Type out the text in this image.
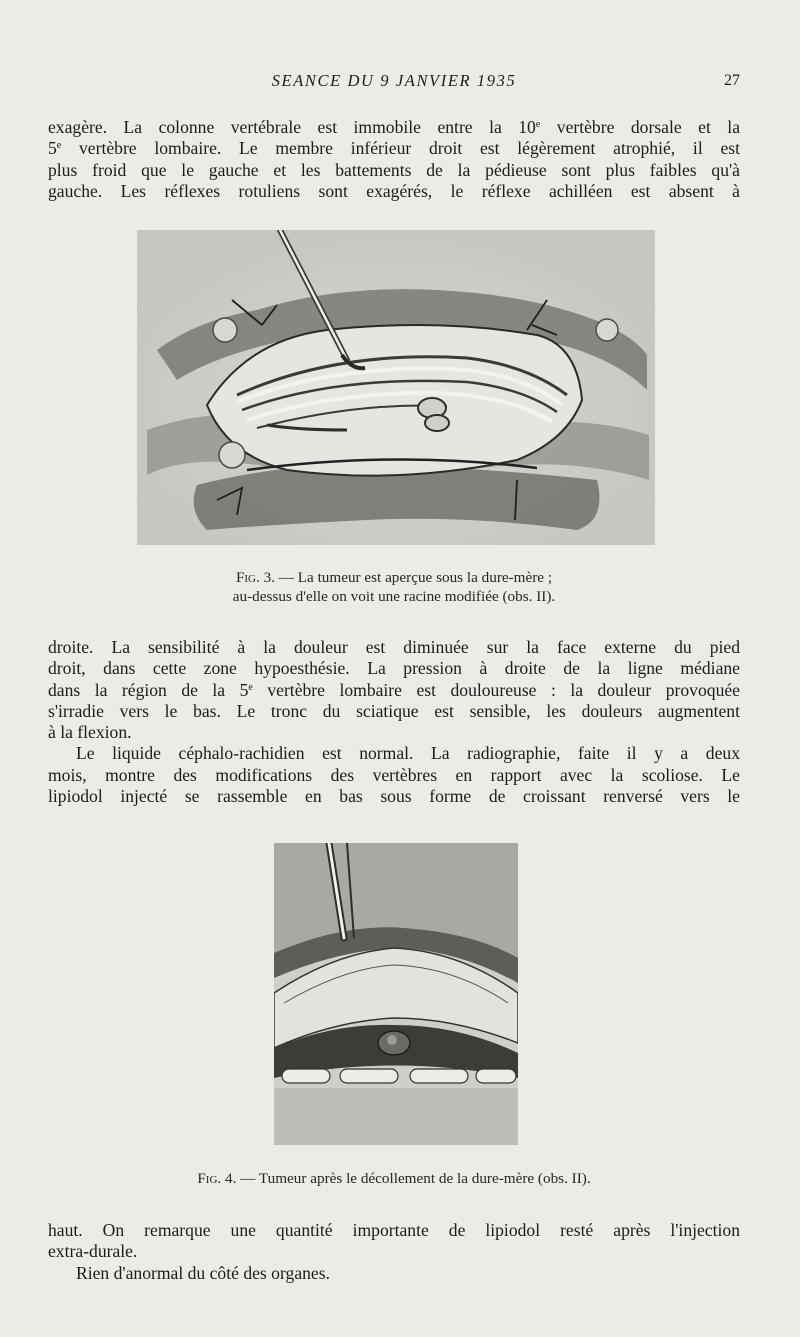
SEANCE DU 9 JANVIER 1935	27
exagère. La colonne vertébrale est immobile entre la 10e vertèbre dorsale et la
5e vertèbre lombaire. Le membre inférieur droit est légèrement atrophié, il est
plus froid que le gauche et les battements de la pédieuse sont plus faibles qu'à
gauche. Les réflexes rotuliens sont exagérés, le réflexe achilléen est absent à
Fig. 3. — La tumeur est aperçue sous la dure-mère ;
au-dessus d'elle on voit une racine modifiée (obs. II).
droite. La sensibilité à la douleur est diminuée sur la face externe du pied
droit, dans cette zone hypoesthésie. La pression à droite de la ligne médiane
dans la région de la 5e vertèbre lombaire est douloureuse : la douleur provoquée
s'irradie vers le bas. Le tronc du sciatique est sensible, les douleurs augmentent
à la flexion.
Le liquide céphalo-rachidien est normal. La radiographie, faite il y a deux
mois, montre des modifications des vertèbres en rapport avec la scoliose. Le
lipiodol injecté se rassemble en bas sous forme de croissant renversé vers le
Fig. 4. — Tumeur après le décollement de la dure-mère (obs. II).
haut. On remarque une quantité importante de lipiodol resté après l'injection
extra-durale.
Rien d'anormal du côté des organes.
